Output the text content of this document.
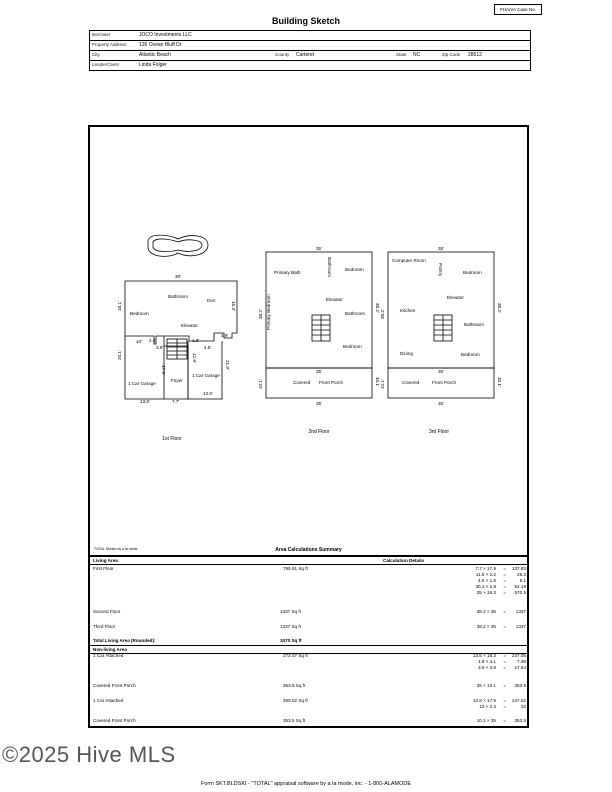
FHA/VA Case No.
Building Sketch
Borrower	JOCO Investments LLC
Property Address 126 Ocean Bluff Dr
City	Atlantic Beach	County Carteret	State NC	Zip Code 28512
Lender/Client	Linda Folger
30'
Bathroom
Den
Bedroom
Elevator
1 Car Garage
Foyer
1 Car Garage
10' 2.2'
3.8'
1.8'
4.5'
4.9'
17.9'
20.1'
13.8'	7.7'
13.5'
21.9'
12.9'
18.1'	16.3'
1st Floor
35'
Primary Bath	Bathroom	Bedroom
Elevator
Bathroom
Primary Bedroom
Bedroom
Covered Front Porch
35'
35'
10.1'	10.1'
38.2'
38.2'
2nd Floor
35'
Computer Room
Pantry	Bedroom
Elevator
Kitchen
Bathroom
Dining	Bedroom
Covered	Front Porch
35'
35'
10.1'	10.1'
38.2'
38.2'
3rd Floor
TOTAL Sketch by a la mode	Area Calculations Summary
Living Area	Calculation Details
First Floor	795.91 Sq ft	7.7 × 17.9 = 137.83
11.5 × 2.2 = 25.3
4.5 × 1.8 =	8.1
30.1 × 1.8 = 54.18
35 × 16.3 = 570.5
Second Floor	1337 Sq ft	38.2 × 35 = 1337
Third Floor	1337 Sq ft	38.2 × 35 = 1337
Total Living Area (Rounded):	3470 Sq ft
Non-living Area
1 Car Attached	272.07 Sq ft	13.5 × 18.3 = 247.05
1.8 × 4.1 = 7.38
3.6 × 4.9 = 17.64
Covered Front Porch	353.5 Sq ft	35 × 10.1 = 353.5
1 Car Attached	269.02 Sq ft	13.8 × 17.9 = 247.02
10 × 2.2 =	22
Covered Front Porch	353.5 Sq ft	10.1 × 35 = 353.5
©2025 Hive MLS
Form SKT.BLDSKI - "TOTAL" appraisal software by a la mode, inc. - 1-800-ALAMODE
